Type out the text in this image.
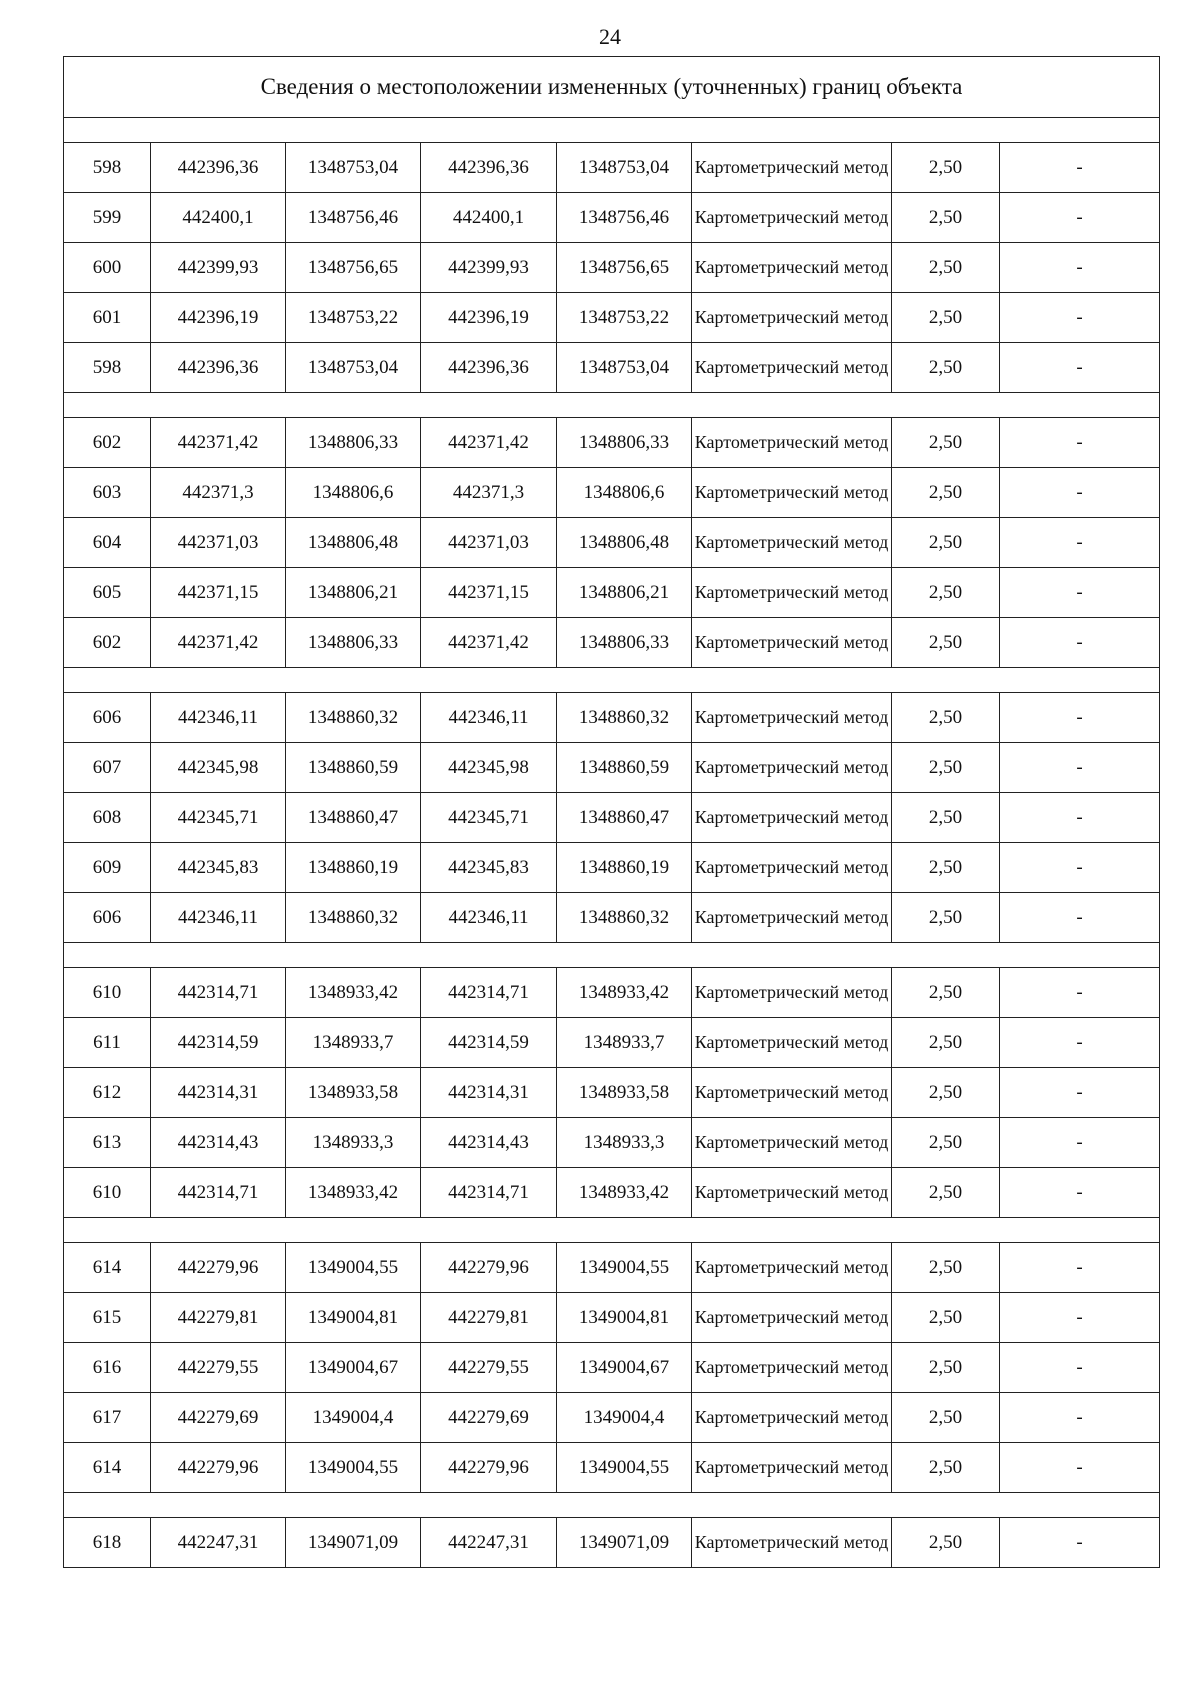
24
Сведения о местоположении измененных (уточненных) границ объекта							

598	442396,36	1348753,04	442396,36	1348753,04	Картометрический метод	2,50	-
599	442400,1	1348756,46	442400,1	1348756,46	Картометрический метод	2,50	-
600	442399,93	1348756,65	442399,93	1348756,65	Картометрический метод	2,50	-
601	442396,19	1348753,22	442396,19	1348753,22	Картометрический метод	2,50	-
598	442396,36	1348753,04	442396,36	1348753,04	Картометрический метод	2,50	-

602	442371,42	1348806,33	442371,42	1348806,33	Картометрический метод	2,50	-
603	442371,3	1348806,6	442371,3	1348806,6	Картометрический метод	2,50	-
604	442371,03	1348806,48	442371,03	1348806,48	Картометрический метод	2,50	-
605	442371,15	1348806,21	442371,15	1348806,21	Картометрический метод	2,50	-
602	442371,42	1348806,33	442371,42	1348806,33	Картометрический метод	2,50	-

606	442346,11	1348860,32	442346,11	1348860,32	Картометрический метод	2,50	-
607	442345,98	1348860,59	442345,98	1348860,59	Картометрический метод	2,50	-
608	442345,71	1348860,47	442345,71	1348860,47	Картометрический метод	2,50	-
609	442345,83	1348860,19	442345,83	1348860,19	Картометрический метод	2,50	-
606	442346,11	1348860,32	442346,11	1348860,32	Картометрический метод	2,50	-

610	442314,71	1348933,42	442314,71	1348933,42	Картометрический метод	2,50	-
611	442314,59	1348933,7	442314,59	1348933,7	Картометрический метод	2,50	-
612	442314,31	1348933,58	442314,31	1348933,58	Картометрический метод	2,50	-
613	442314,43	1348933,3	442314,43	1348933,3	Картометрический метод	2,50	-
610	442314,71	1348933,42	442314,71	1348933,42	Картометрический метод	2,50	-

614	442279,96	1349004,55	442279,96	1349004,55	Картометрический метод	2,50	-
615	442279,81	1349004,81	442279,81	1349004,81	Картометрический метод	2,50	-
616	442279,55	1349004,67	442279,55	1349004,67	Картометрический метод	2,50	-
617	442279,69	1349004,4	442279,69	1349004,4	Картометрический метод	2,50	-
614	442279,96	1349004,55	442279,96	1349004,55	Картометрический метод	2,50	-

618	442247,31	1349071,09	442247,31	1349071,09	Картометрический метод	2,50	-
